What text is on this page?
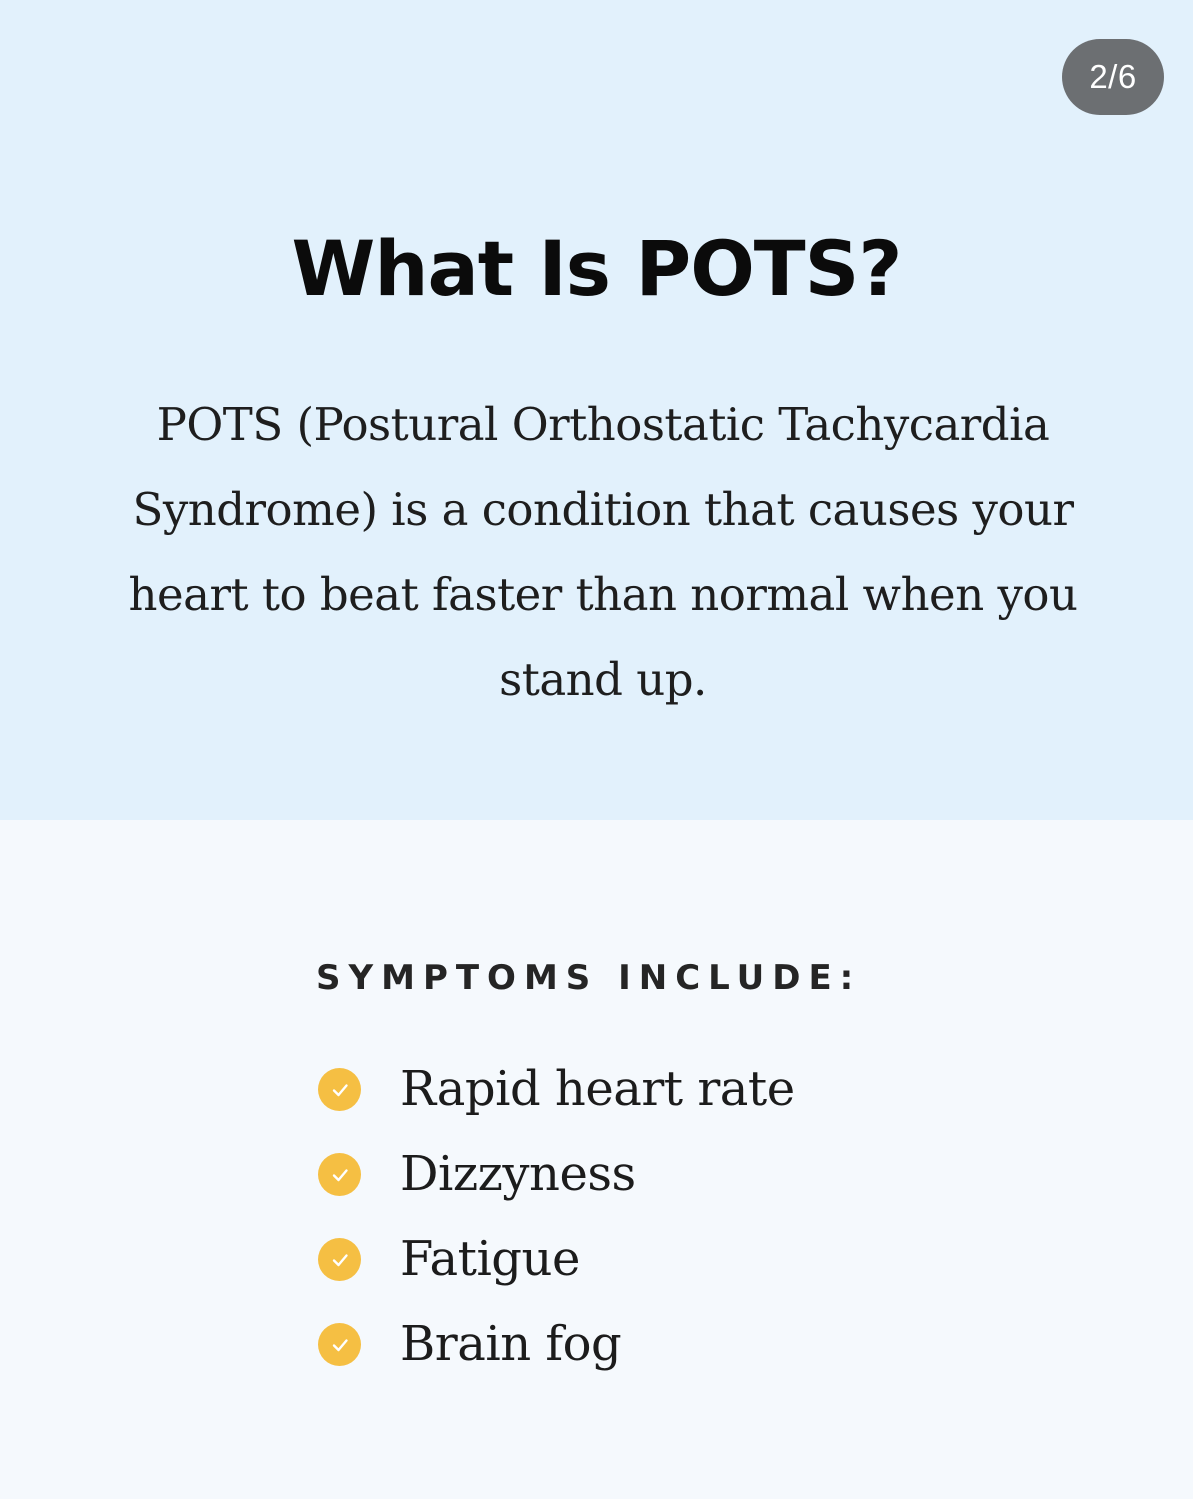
2/6
What Is POTS?

POTS (Postural Orthostatic Tachycardia Syndrome) is a condition that causes your heart to beat faster than normal when you stand up.

SYMPTOMS INCLUDE:
Rapid heart rate
Dizzyness
Fatigue
Brain fog
